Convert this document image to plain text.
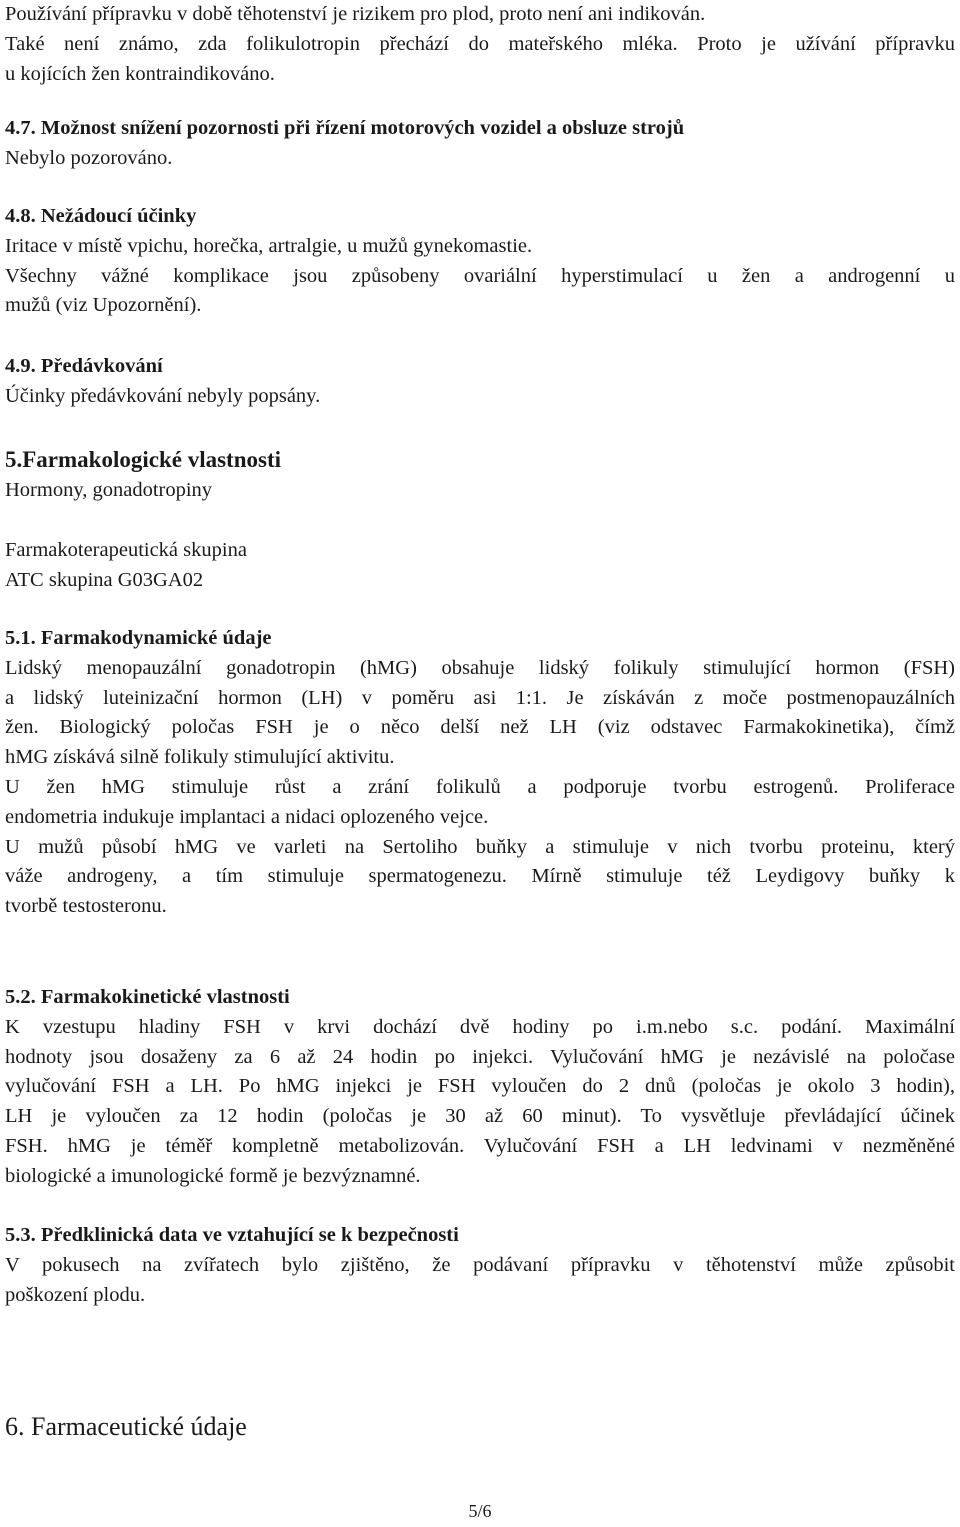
Používání přípravku v době těhotenství je rizikem pro plod, proto není ani indikován.
Také není známo, zda folikulotropin přechází do mateřského mléka. Proto je užívání přípravku
u kojících žen kontraindikováno.
4.7. Možnost snížení pozornosti při řízení motorových vozidel a obsluze strojů
Nebylo pozorováno.
4.8. Nežádoucí účinky
Iritace v místě vpichu, horečka, artralgie, u mužů gynekomastie.
Všechny vážné komplikace jsou způsobeny ovariální hyperstimulací u žen a androgenní u
mužů (viz Upozornění).
4.9. Předávkování
Účinky předávkování nebyly popsány.
5.Farmakologické vlastnosti
Hormony, gonadotropiny
Farmakoterapeutická skupina
ATC skupina G03GA02
5.1. Farmakodynamické údaje
Lidský menopauzální gonadotropin (hMG) obsahuje lidský folikuly stimulující hormon (FSH)
a lidský luteinizační hormon (LH) v poměru asi 1:1. Je získáván z moče postmenopauzálních
žen. Biologický poločas FSH je o něco delší než LH (viz odstavec Farmakokinetika), čímž
hMG získává silně folikuly stimulující aktivitu.
U žen hMG stimuluje růst a zrání folikulů a podporuje tvorbu estrogenů. Proliferace
endometria indukuje implantaci a nidaci oplozeného vejce.
U mužů působí hMG ve varleti na Sertoliho buňky a stimuluje v nich tvorbu proteinu, který
váže androgeny, a tím stimuluje spermatogenezu. Mírně stimuluje též Leydigovy buňky k
tvorbě testosteronu.
5.2. Farmakokinetické vlastnosti
K vzestupu hladiny FSH v krvi dochází dvě hodiny po i.m.nebo s.c. podání. Maximální
hodnoty jsou dosaženy za 6 až 24 hodin po injekci. Vylučování hMG je nezávislé na poločase
vylučování FSH a LH. Po hMG injekci je FSH vyloučen do 2 dnů (poločas je okolo 3 hodin),
LH je vyloučen za 12 hodin (poločas je 30 až 60 minut). To vysvětluje převládající účinek
FSH. hMG je téměř kompletně metabolizován. Vylučování FSH a LH ledvinami v nezměněné
biologické a imunologické formě je bezvýznamné.
5.3. Předklinická data ve vztahující se k bezpečnosti
V pokusech na zvířatech bylo zjištěno, že podávaní přípravku v těhotenství může způsobit
poškození plodu.
6. Farmaceutické údaje
5/6
